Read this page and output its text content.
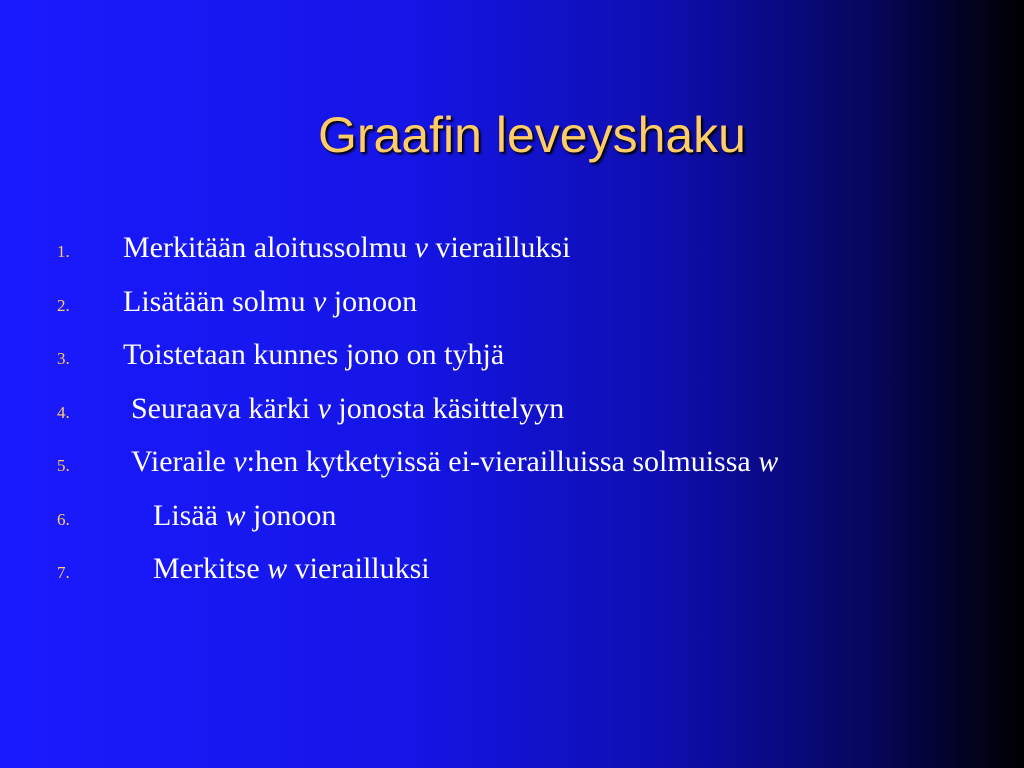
Graafin leveyshaku
1. Merkitään aloitussolmu v vierailluksi
2. Lisätään solmu v jonoon
3. Toistetaan kunnes jono on tyhjä
4. Seuraava kärki v jonosta käsittelyyn
5. Vieraile v:hen kytketyissä ei-vierailluissa solmuissa w
6.	Lisää w jonoon
7.	Merkitse w vierailluksi
